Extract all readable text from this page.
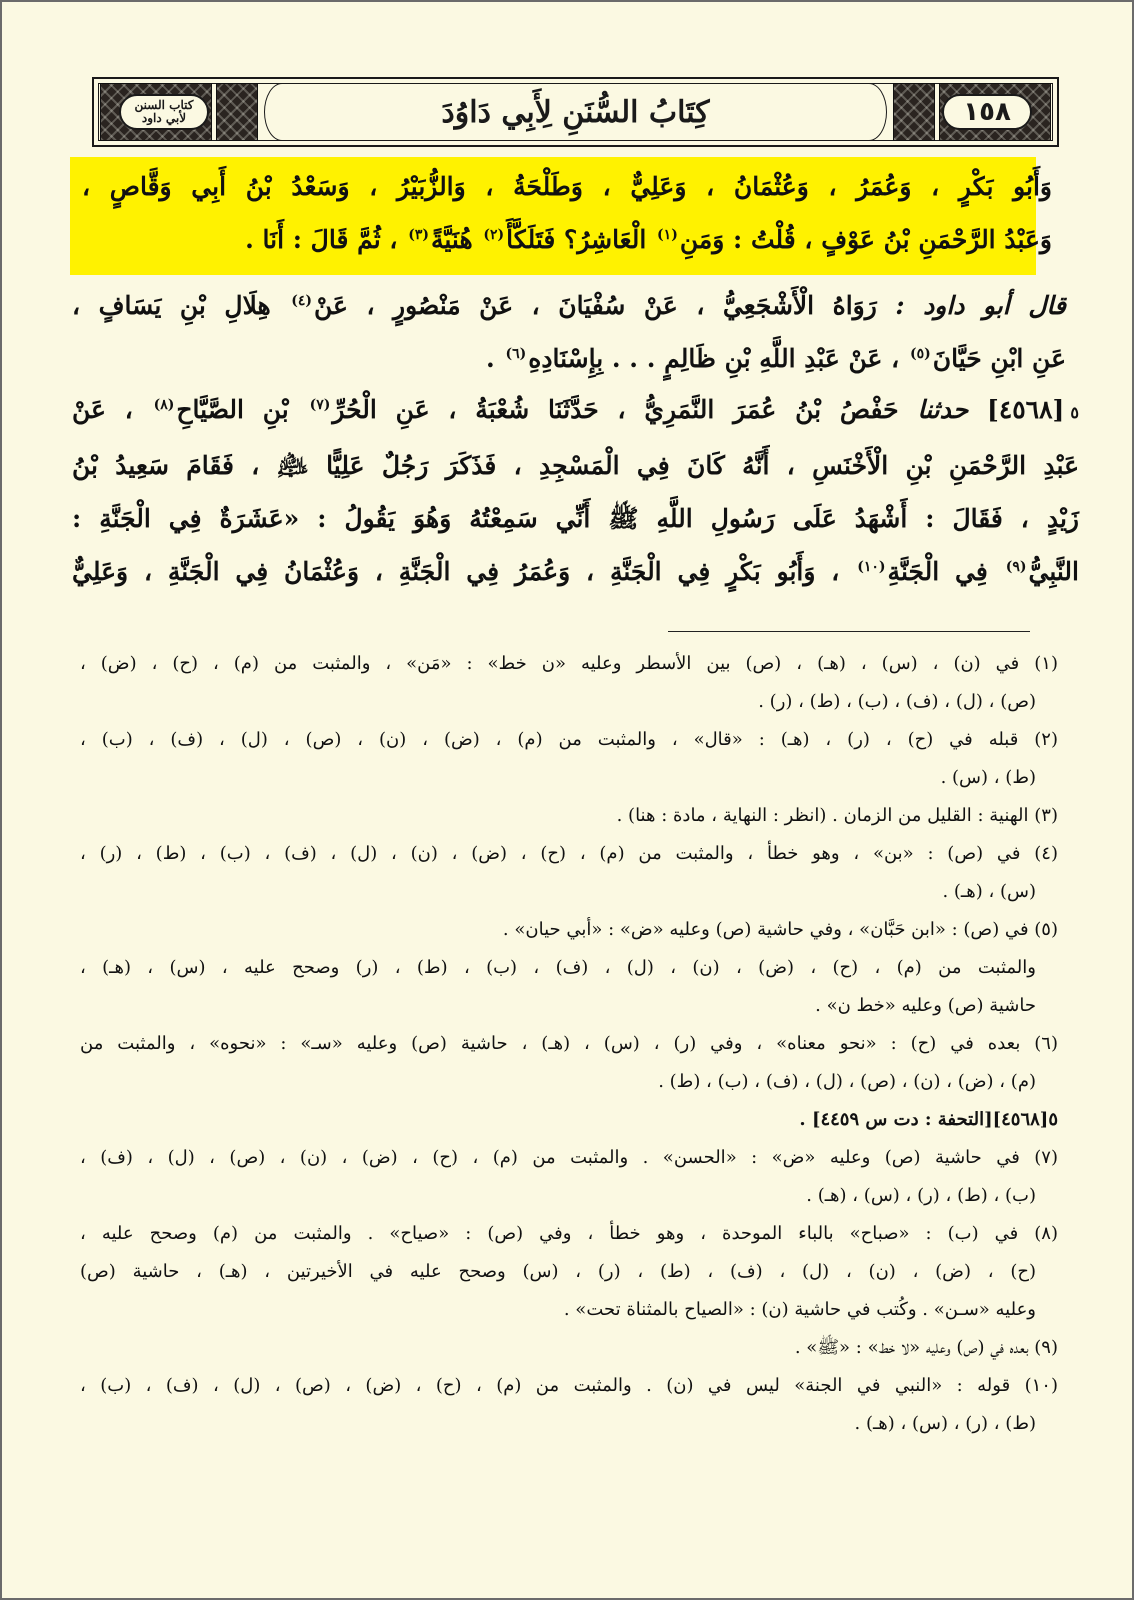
١٥٨
كِتَابُ السُّنَنِ لِأَبِي دَاوُدَ
كتاب السنن
لأبي داود
وَأَبُو بَكْرٍ ، وَعُمَرُ ، وَعُثْمَانُ ، وَعَلِيٌّ ، وَطَلْحَةُ ، وَالزُّبَيْرُ ، وَسَعْدُ بْنُ أَبِي وَقَّاصٍ ،
وَعَبْدُ الرَّحْمَنِ بْنُ عَوْفٍ ، قُلْتُ : وَمَنِ$^{(١)}$ الْعَاشِرُ؟ فَتَلَكَّأَ$^{(٢)}$ هُنَيَّةً$^{(٣)}$ ، ثُمَّ قَالَ : أَنَا .
قال أبو داود : رَوَاهُ الْأَشْجَعِيُّ ، عَنْ سُفْيَانَ ، عَنْ مَنْصُورٍ ، عَنْ$^{(٤)}$ هِلَالِ بْنِ يَسَافٍ ،
عَنِ ابْنِ حَيَّانَ$^{(٥)}$ ، عَنْ عَبْدِ اللَّهِ بْنِ ظَالِمٍ . . . بِإِسْنَادِهِ$^{(٦)}$ .
٥[٤٥٦٨] حدثنا حَفْصُ بْنُ عُمَرَ النَّمَرِيُّ ، حَدَّثَنَا شُعْبَةُ ، عَنِ الْحُرِّ$^{(٧)}$ بْنِ الصَّيَّاحِ$^{(٨)}$ ، عَنْ
عَبْدِ الرَّحْمَنِ بْنِ الْأَخْنَسِ ، أَنَّهُ كَانَ فِي الْمَسْجِدِ ، فَذَكَرَ رَجُلٌ عَلِيًّا ﵇ ، فَقَامَ سَعِيدُ بْنُ
زَيْدٍ ، فَقَالَ : أَشْهَدُ عَلَى رَسُولِ اللَّهِ ﷺ أَنِّي سَمِعْتُهُ وَهُوَ يَقُولُ : «عَشَرَةٌ فِي الْجَنَّةِ :
النَّبِيُّ$^{(٩)}$ فِي الْجَنَّةِ$^{(١٠)}$ ، وَأَبُو بَكْرٍ فِي الْجَنَّةِ ، وَعُمَرُ فِي الْجَنَّةِ ، وَعُثْمَانُ فِي الْجَنَّةِ ، وَعَلِيٌّ
(١) في (ن) ، (س) ، (هـ) ، (ص) بين الأسطر وعليه «ن خط» : «مَن» ، والمثبت من (م) ، (ح) ، (ض) ،
(ص) ، (ل) ، (ف) ، (ب) ، (ط) ، (ر) .
(٢) قبله في (ح) ، (ر) ، (هـ) : «قال» ، والمثبت من (م) ، (ض) ، (ن) ، (ص) ، (ل) ، (ف) ، (ب) ،
(ط) ، (س) .
(٣) الهنية : القليل من الزمان . (انظر : النهاية ، مادة : هنا) .
(٤) في (ص) : «بن» ، وهو خطأ ، والمثبت من (م) ، (ح) ، (ض) ، (ن) ، (ل) ، (ف) ، (ب) ، (ط) ، (ر) ،
(س) ، (هـ) .
(٥) في (ص) : «ابن حَبَّان» ، وفي حاشية (ص) وعليه «ض» : «أبي حيان» .
والمثبت من (م) ، (ح) ، (ض) ، (ن) ، (ل) ، (ف) ، (ب) ، (ط) ، (ر) وصحح عليه ، (س) ، (هـ) ،
حاشية (ص) وعليه «خط ن» .
(٦) بعده في (ح) : «نحو معناه» ، وفي (ر) ، (س) ، (هـ) ، حاشية (ص) وعليه «سـ» : «نحوه» ، والمثبت من
(م) ، (ض) ، (ن) ، (ص) ، (ل) ، (ف) ، (ب) ، (ط) .
٥[٤٥٦٨][التحفة : دت س ٤٤٥٩] .
(٧) في حاشية (ص) وعليه «ض» : «الحسن» . والمثبت من (م) ، (ح) ، (ض) ، (ن) ، (ص) ، (ل) ، (ف) ،
(ب) ، (ط) ، (ر) ، (س) ، (هـ) .
(٨) في (ب) : «صباح» بالباء الموحدة ، وهو خطأ ، وفي (ص) : «صياح» . والمثبت من (م) وصحح عليه ،
(ح) ، (ض) ، (ن) ، (ل) ، (ف) ، (ط) ، (ر) ، (س) وصحح عليه في الأخيرتين ، (هـ) ، حاشية (ص)
وعليه «سـن» . وكُتب في حاشية (ن) : «الصياح بالمثناة تحت» .
(٩) بعده في (ص) وعليه «لا خط» : «ﷺ» .
(١٠) قوله : «النبي في الجنة» ليس في (ن) . والمثبت من (م) ، (ح) ، (ض) ، (ص) ، (ل) ، (ف) ، (ب) ،
(ط) ، (ر) ، (س) ، (هـ) .
